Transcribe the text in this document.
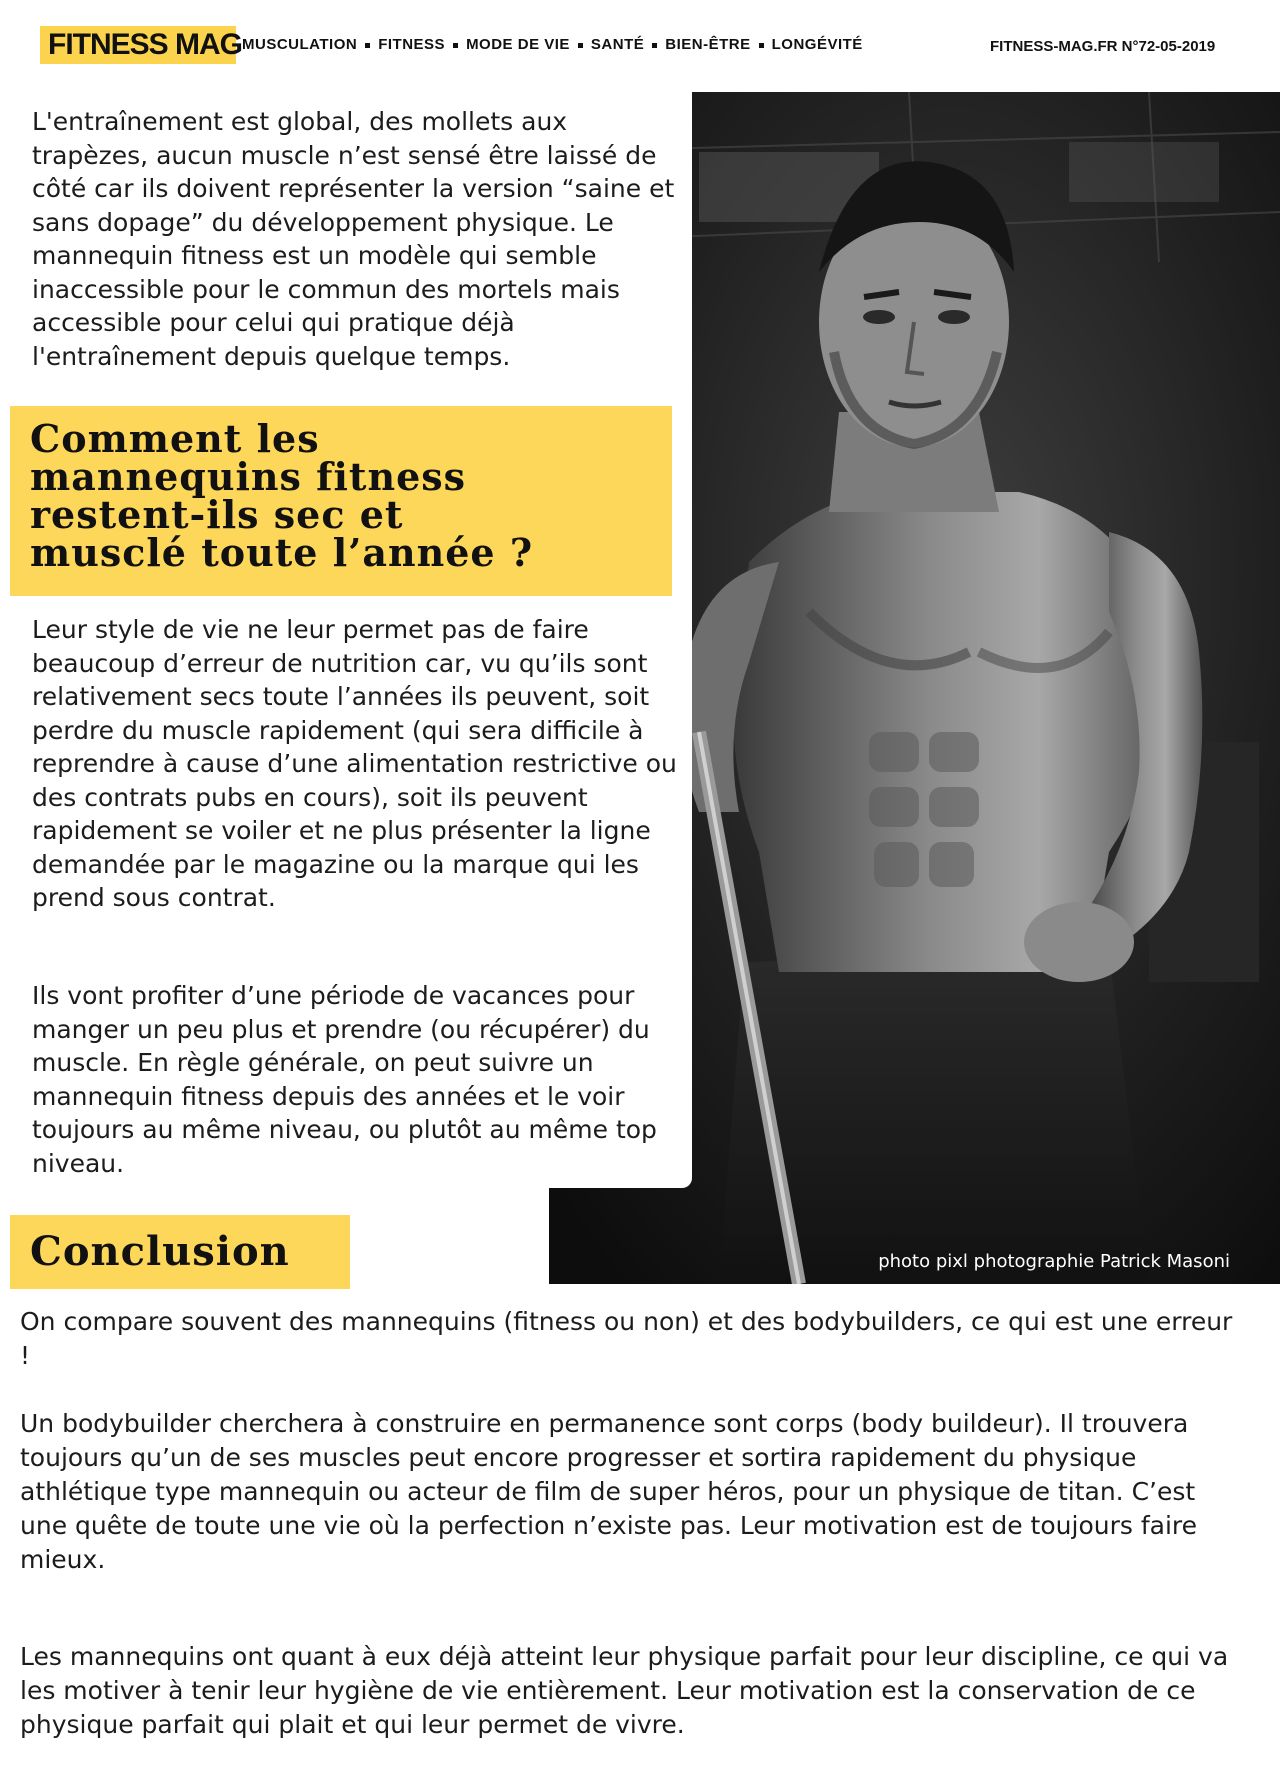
FITNESS MAG MUSCULATION FITNESS MODE DE VIE SANTÉ BIEN-ÊTRE LONGÉVITÉ	FITNESS-MAG.FR N°72-05-2019
photo pixl photographie Patrick Masoni

L'entraînement est global, des mollets aux trapèzes, aucun muscle n’est sensé être laissé de côté car ils doivent représenter la version “saine et sans dopage” du développement physique. Le mannequin fitness est un modèle qui semble inaccessible pour le commun des mortels mais accessible pour celui qui pratique déjà l'entraînement depuis quelque temps.

Comment les
mannequins fitness
restent-ils sec et
musclé toute l’année ?

Leur style de vie ne leur permet pas de faire beaucoup d’erreur de nutrition car, vu qu’ils sont relativement secs toute l’années ils peuvent, soit perdre du muscle rapidement (qui sera difficile à reprendre à cause d’une alimentation restrictive ou des contrats pubs en cours), soit ils peuvent rapidement se voiler et ne plus présenter la ligne demandée par le magazine ou la marque qui les prend sous contrat.

Ils vont profiter d’une période de vacances pour manger un peu plus et prendre (ou récupérer) du muscle. En règle générale, on peut suivre un mannequin fitness depuis des années et le voir toujours au même niveau, ou plutôt au même top niveau.

Conclusion

On compare souvent des mannequins (fitness ou non) et des bodybuilders, ce qui est une erreur !

Un bodybuilder cherchera à construire en permanence sont corps (body buildeur). Il trouvera toujours qu’un de ses muscles peut encore progresser et sortira rapidement du physique athlétique type mannequin ou acteur de film de super héros, pour un physique de titan. C’est une quête de toute une vie où la perfection n’existe pas. Leur motivation est de toujours faire mieux.

Les mannequins ont quant à eux déjà atteint leur physique parfait pour leur discipline, ce qui va les motiver à tenir leur hygiène de vie entièrement. Leur motivation est la conservation de ce physique parfait qui plait et qui leur permet de vivre.
